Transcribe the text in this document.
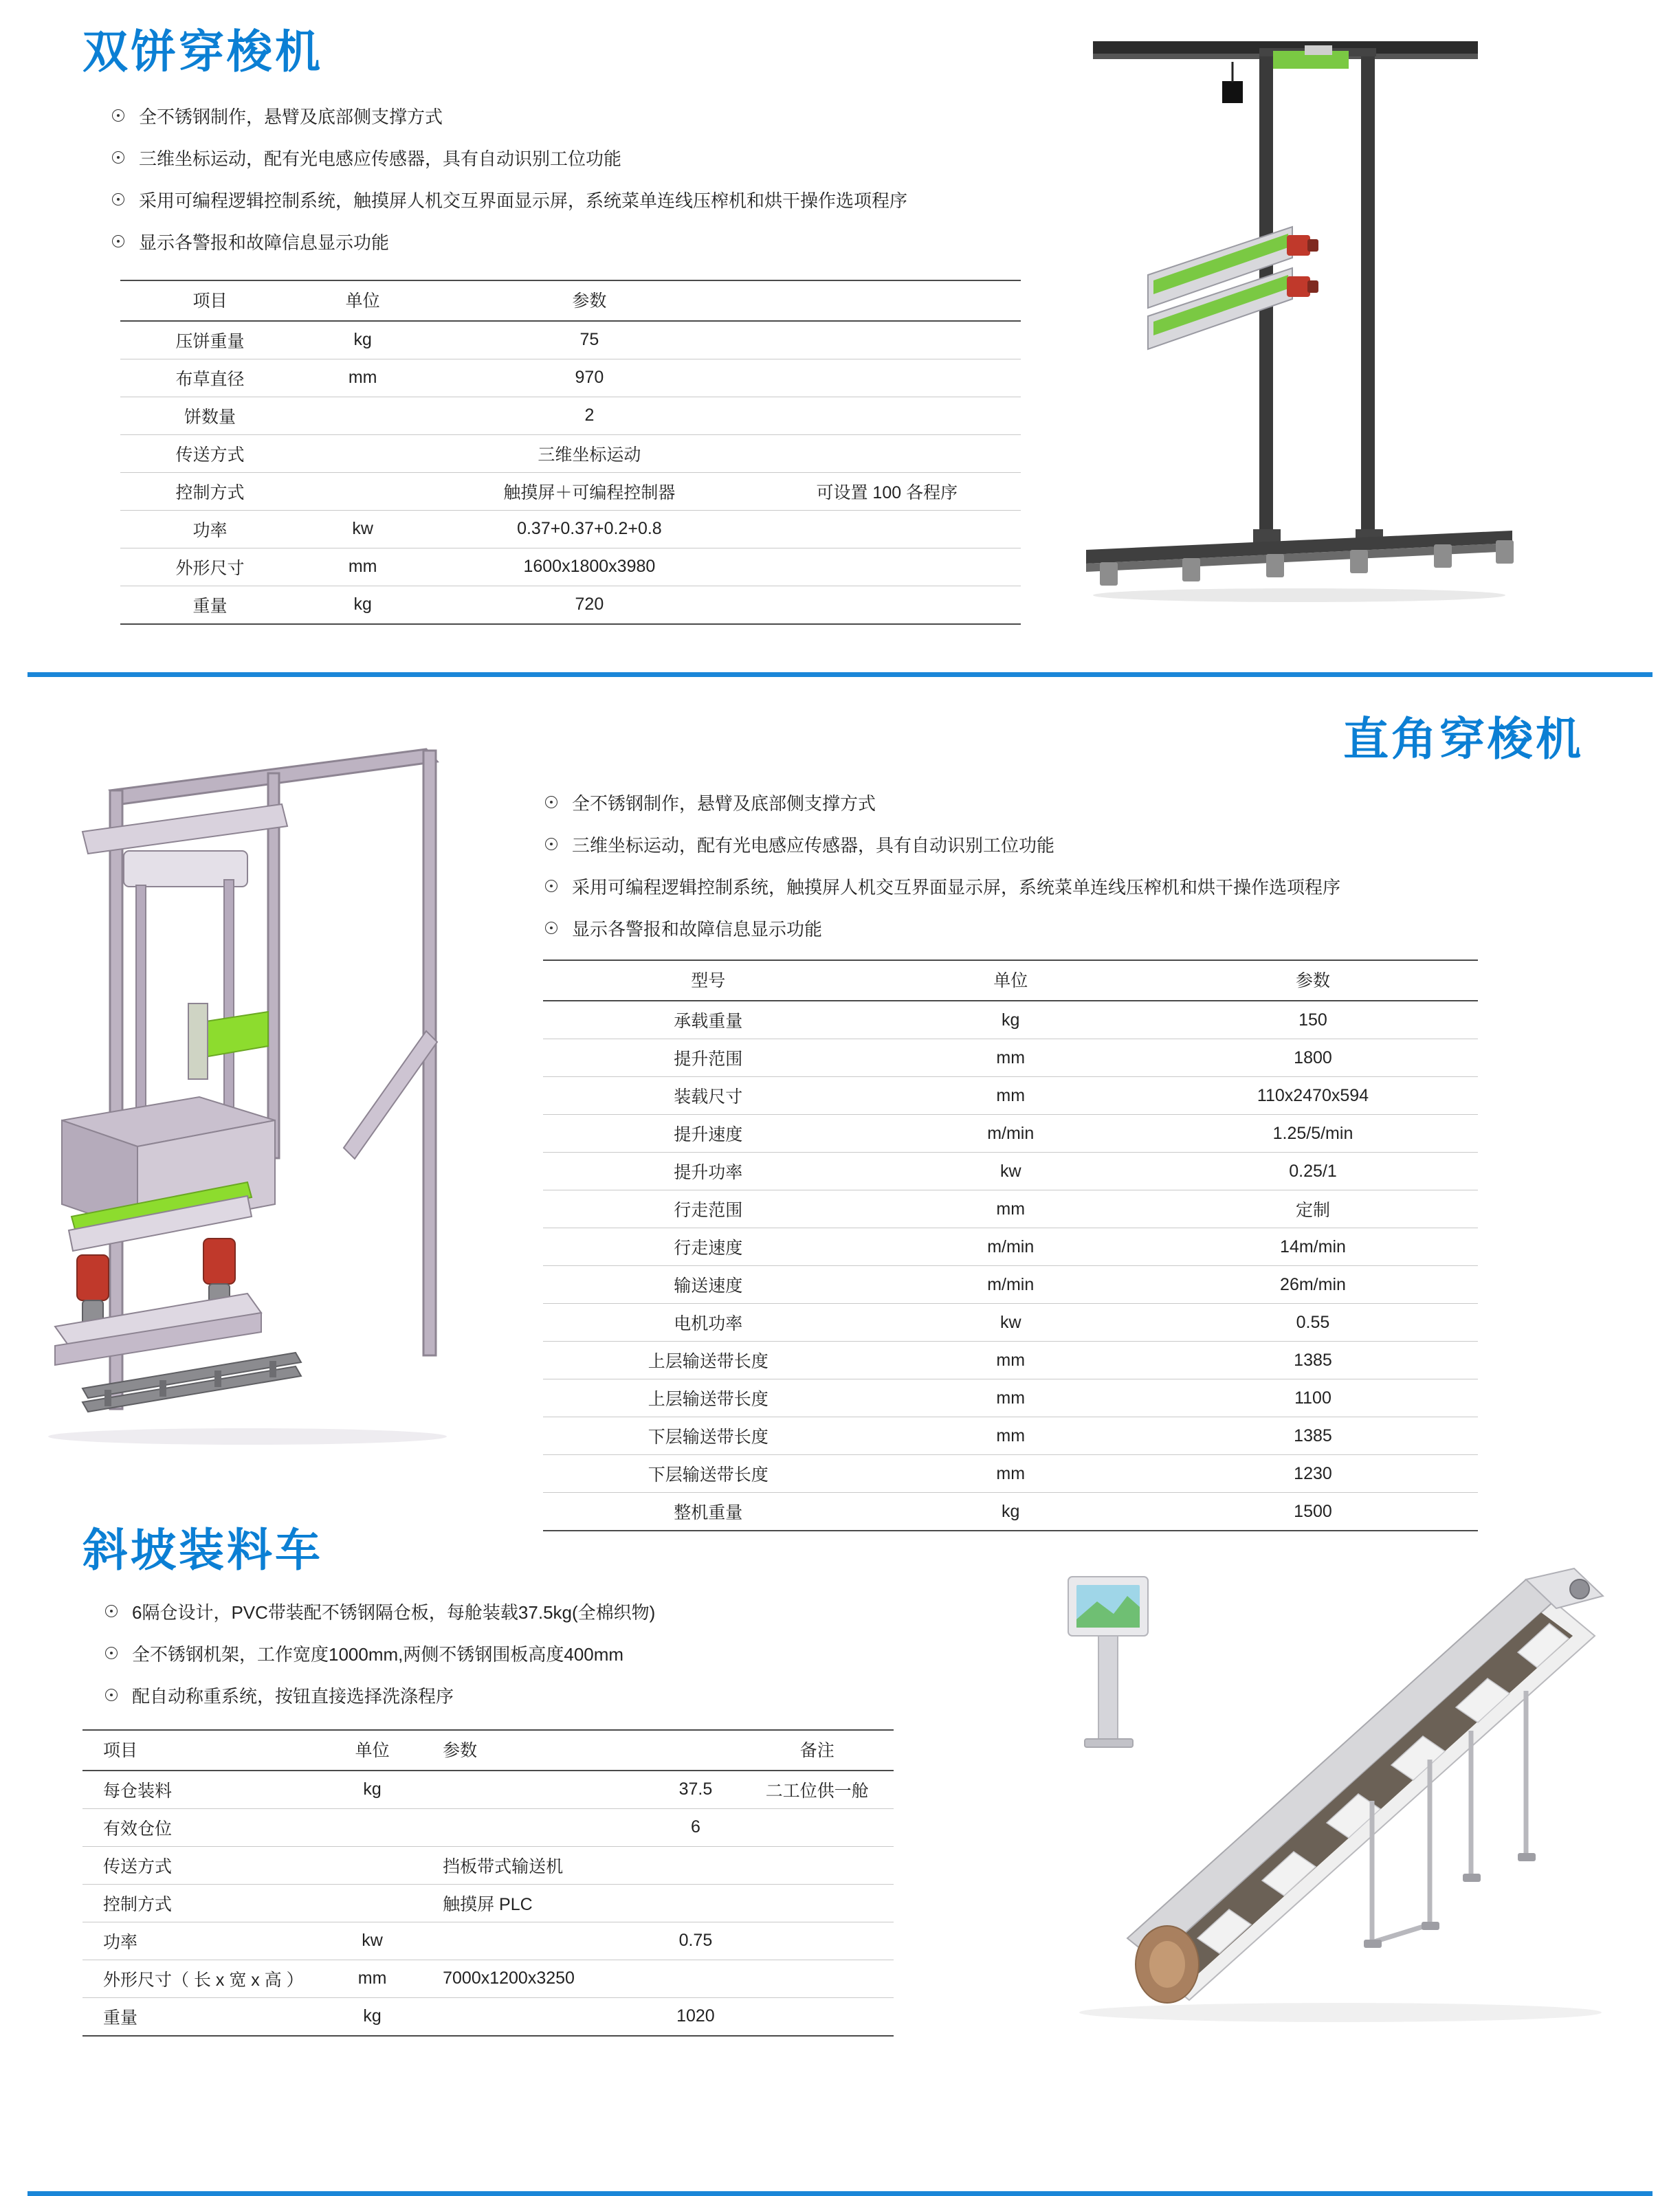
双饼穿梭机
全不锈钢制作，悬臂及底部侧支撑方式
三维坐标运动，配有光电感应传感器，具有自动识别工位功能
采用可编程逻辑控制系统，触摸屏人机交互界面显示屏，系统菜单连线压榨机和烘干操作选项程序
显示各警报和故障信息显示功能
项目	单位	参数	
压饼重量	kg	75	
布草直径	mm	970	
饼数量		2	
传送方式		三维坐标运动	
控制方式		触摸屏＋可编程控制器	可设置 100 各程序
功率	kw	0.37+0.37+0.2+0.8	
外形尺寸	mm	1600x1800x3980	
重量	kg	720	
直角穿梭机
全不锈钢制作，悬臂及底部侧支撑方式
三维坐标运动，配有光电感应传感器，具有自动识别工位功能
采用可编程逻辑控制系统，触摸屏人机交互界面显示屏，系统菜单连线压榨机和烘干操作选项程序
显示各警报和故障信息显示功能
型号	单位	参数
承载重量	kg	150
提升范围	mm	1800
装载尺寸	mm	110x2470x594
提升速度	m/min	1.25/5/min
提升功率	kw	0.25/1
行走范围	mm	定制
行走速度	m/min	14m/min
输送速度	m/min	26m/min
电机功率	kw	0.55
上层输送带长度	mm	1385
上层输送带长度	mm	1100
下层输送带长度	mm	1385
下层输送带长度	mm	1230
整机重量	kg	1500
斜坡装料车
6隔仓设计，PVC带装配不锈钢隔仓板，每舱装载37.5kg(全棉织物)
全不锈钢机架，工作宽度1000mm,两侧不锈钢围板高度400mm
配自动称重系统，按钮直接选择洗涤程序
项目	单位	参数		备注
每仓装料	kg		37.5	二工位供一舱
有效仓位			6	
传送方式		挡板带式输送机		
控制方式		触摸屏 PLC		
功率	kw		0.75	
外形尺寸（ 长 x 宽 x 高 ）	mm	7000x1200x3250		
重量	kg		1020	
